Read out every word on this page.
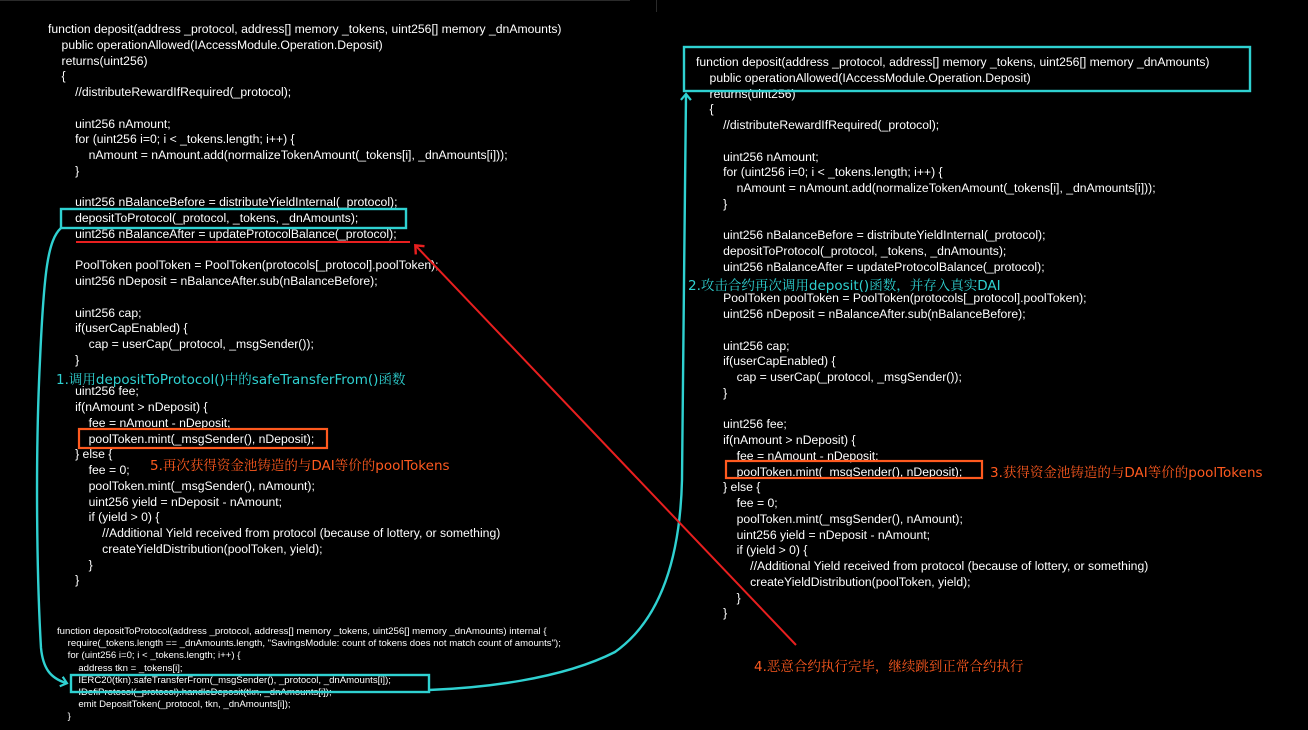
function deposit(address _protocol, address[] memory _tokens, uint256[] memory _dnAmounts)
public operationAllowed(IAccessModule.Operation.Deposit)
returns(uint256)
{
//distributeRewardIfRequired(_protocol);

uint256 nAmount;
for (uint256 i=0; i < _tokens.length; i++) {
nAmount = nAmount.add(normalizeTokenAmount(_tokens[i], _dnAmounts[i]));
}

uint256 nBalanceBefore = distributeYieldInternal(_protocol);
depositToProtocol(_protocol, _tokens, _dnAmounts);
uint256 nBalanceAfter = updateProtocolBalance(_protocol);

PoolToken poolToken = PoolToken(protocols[_protocol].poolToken);
uint256 nDeposit = nBalanceAfter.sub(nBalanceBefore);

uint256 cap;
if(userCapEnabled) {
cap = userCap(_protocol, _msgSender());
}

uint256 fee;
if(nAmount > nDeposit) {
fee = nAmount - nDeposit;
poolToken.mint(_msgSender(), nDeposit);
} else {
fee = 0;
poolToken.mint(_msgSender(), nAmount);
uint256 yield = nDeposit - nAmount;
if (yield > 0) {
//Additional Yield received from protocol (because of lottery, or something)
createYieldDistribution(poolToken, yield);
}
}
function depositToProtocol(address _protocol, address[] memory _tokens, uint256[] memory _dnAmounts) internal {
require(_tokens.length == _dnAmounts.length, "SavingsModule: count of tokens does not match count of amounts");
for (uint256 i=0; i < _tokens.length; i++) {
address tkn = _tokens[i];
IERC20(tkn).safeTransferFrom(_msgSender(), _protocol, _dnAmounts[i]);
IDefiProtocol(_protocol).handleDeposit(tkn, _dnAmounts[i]);
emit DepositToken(_protocol, tkn, _dnAmounts[i]);
}
function deposit(address _protocol, address[] memory _tokens, uint256[] memory _dnAmounts)
public operationAllowed(IAccessModule.Operation.Deposit)
returns(uint256)
{
//distributeRewardIfRequired(_protocol);

uint256 nAmount;
for (uint256 i=0; i < _tokens.length; i++) {
nAmount = nAmount.add(normalizeTokenAmount(_tokens[i], _dnAmounts[i]));
}

uint256 nBalanceBefore = distributeYieldInternal(_protocol);
depositToProtocol(_protocol, _tokens, _dnAmounts);
uint256 nBalanceAfter = updateProtocolBalance(_protocol);

PoolToken poolToken = PoolToken(protocols[_protocol].poolToken);
uint256 nDeposit = nBalanceAfter.sub(nBalanceBefore);

uint256 cap;
if(userCapEnabled) {
cap = userCap(_protocol, _msgSender());
}

uint256 fee;
if(nAmount > nDeposit) {
fee = nAmount - nDeposit;
poolToken.mint(_msgSender(), nDeposit);
} else {
fee = 0;
poolToken.mint(_msgSender(), nAmount);
uint256 yield = nDeposit - nAmount;
if (yield > 0) {
//Additional Yield received from protocol (because of lottery, or something)
createYieldDistribution(poolToken, yield);
}
}
1.调用depositToProtocol()中的safeTransferFrom()函数
2.攻击合约再次调用deposit()函数，并存入真实DAI
3.获得资金池铸造的与DAI等价的poolTokens
4.恶意合约执行完毕，继续跳到正常合约执行
5.再次获得资金池铸造的与DAI等价的poolTokens
